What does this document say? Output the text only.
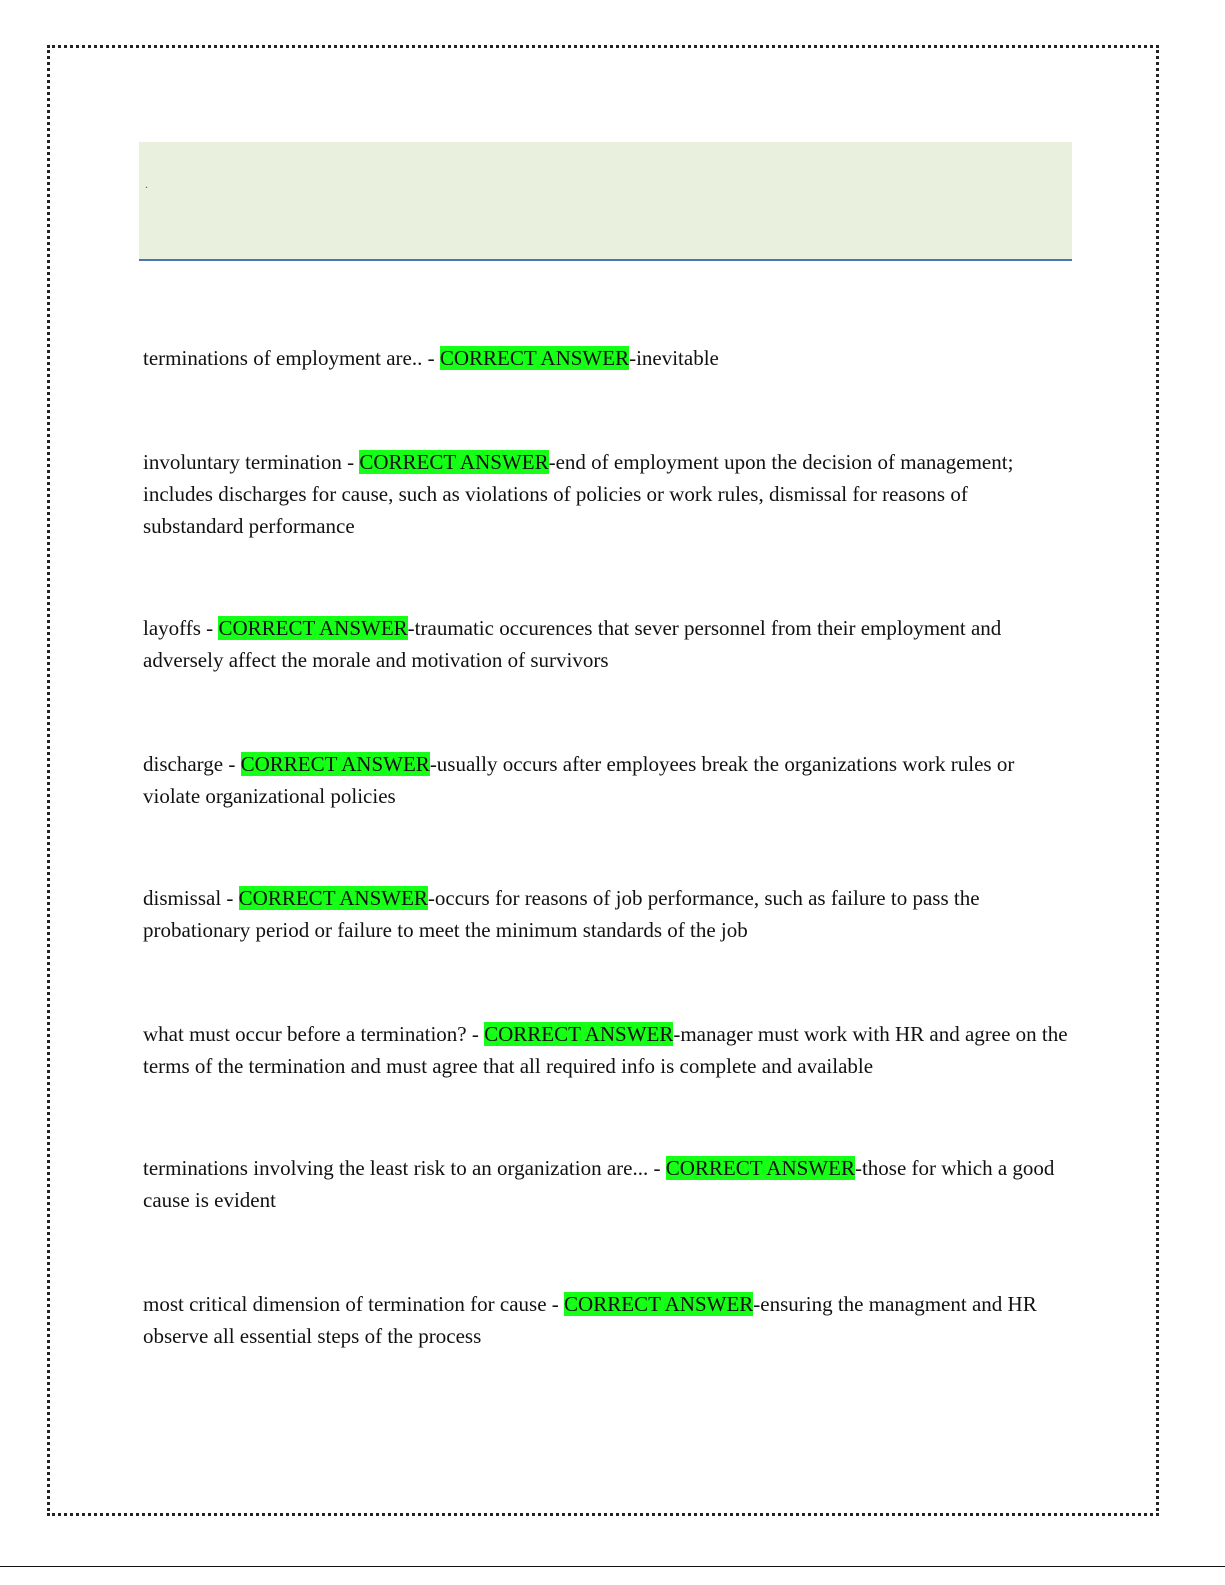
.

terminations of employment are.. - CORRECT ANSWER-inevitable

involuntary termination - CORRECT ANSWER-end of employment upon the decision of management; includes discharges for cause, such as violations of policies or work rules, dismissal for reasons of substandard performance

layoffs - CORRECT ANSWER-traumatic occurences that sever personnel from their employment and adversely affect the morale and motivation of survivors

discharge - CORRECT ANSWER-usually occurs after employees break the organizations work rules or violate organizational policies

dismissal - CORRECT ANSWER-occurs for reasons of job performance, such as failure to pass the probationary period or failure to meet the minimum standards of the job

what must occur before a termination? - CORRECT ANSWER-manager must work with HR and agree on the terms of the termination and must agree that all required info is complete and available

terminations involving the least risk to an organization are... - CORRECT ANSWER-those for which a good cause is evident

most critical dimension of termination for cause - CORRECT ANSWER-ensuring the managment and HR observe all essential steps of the process
